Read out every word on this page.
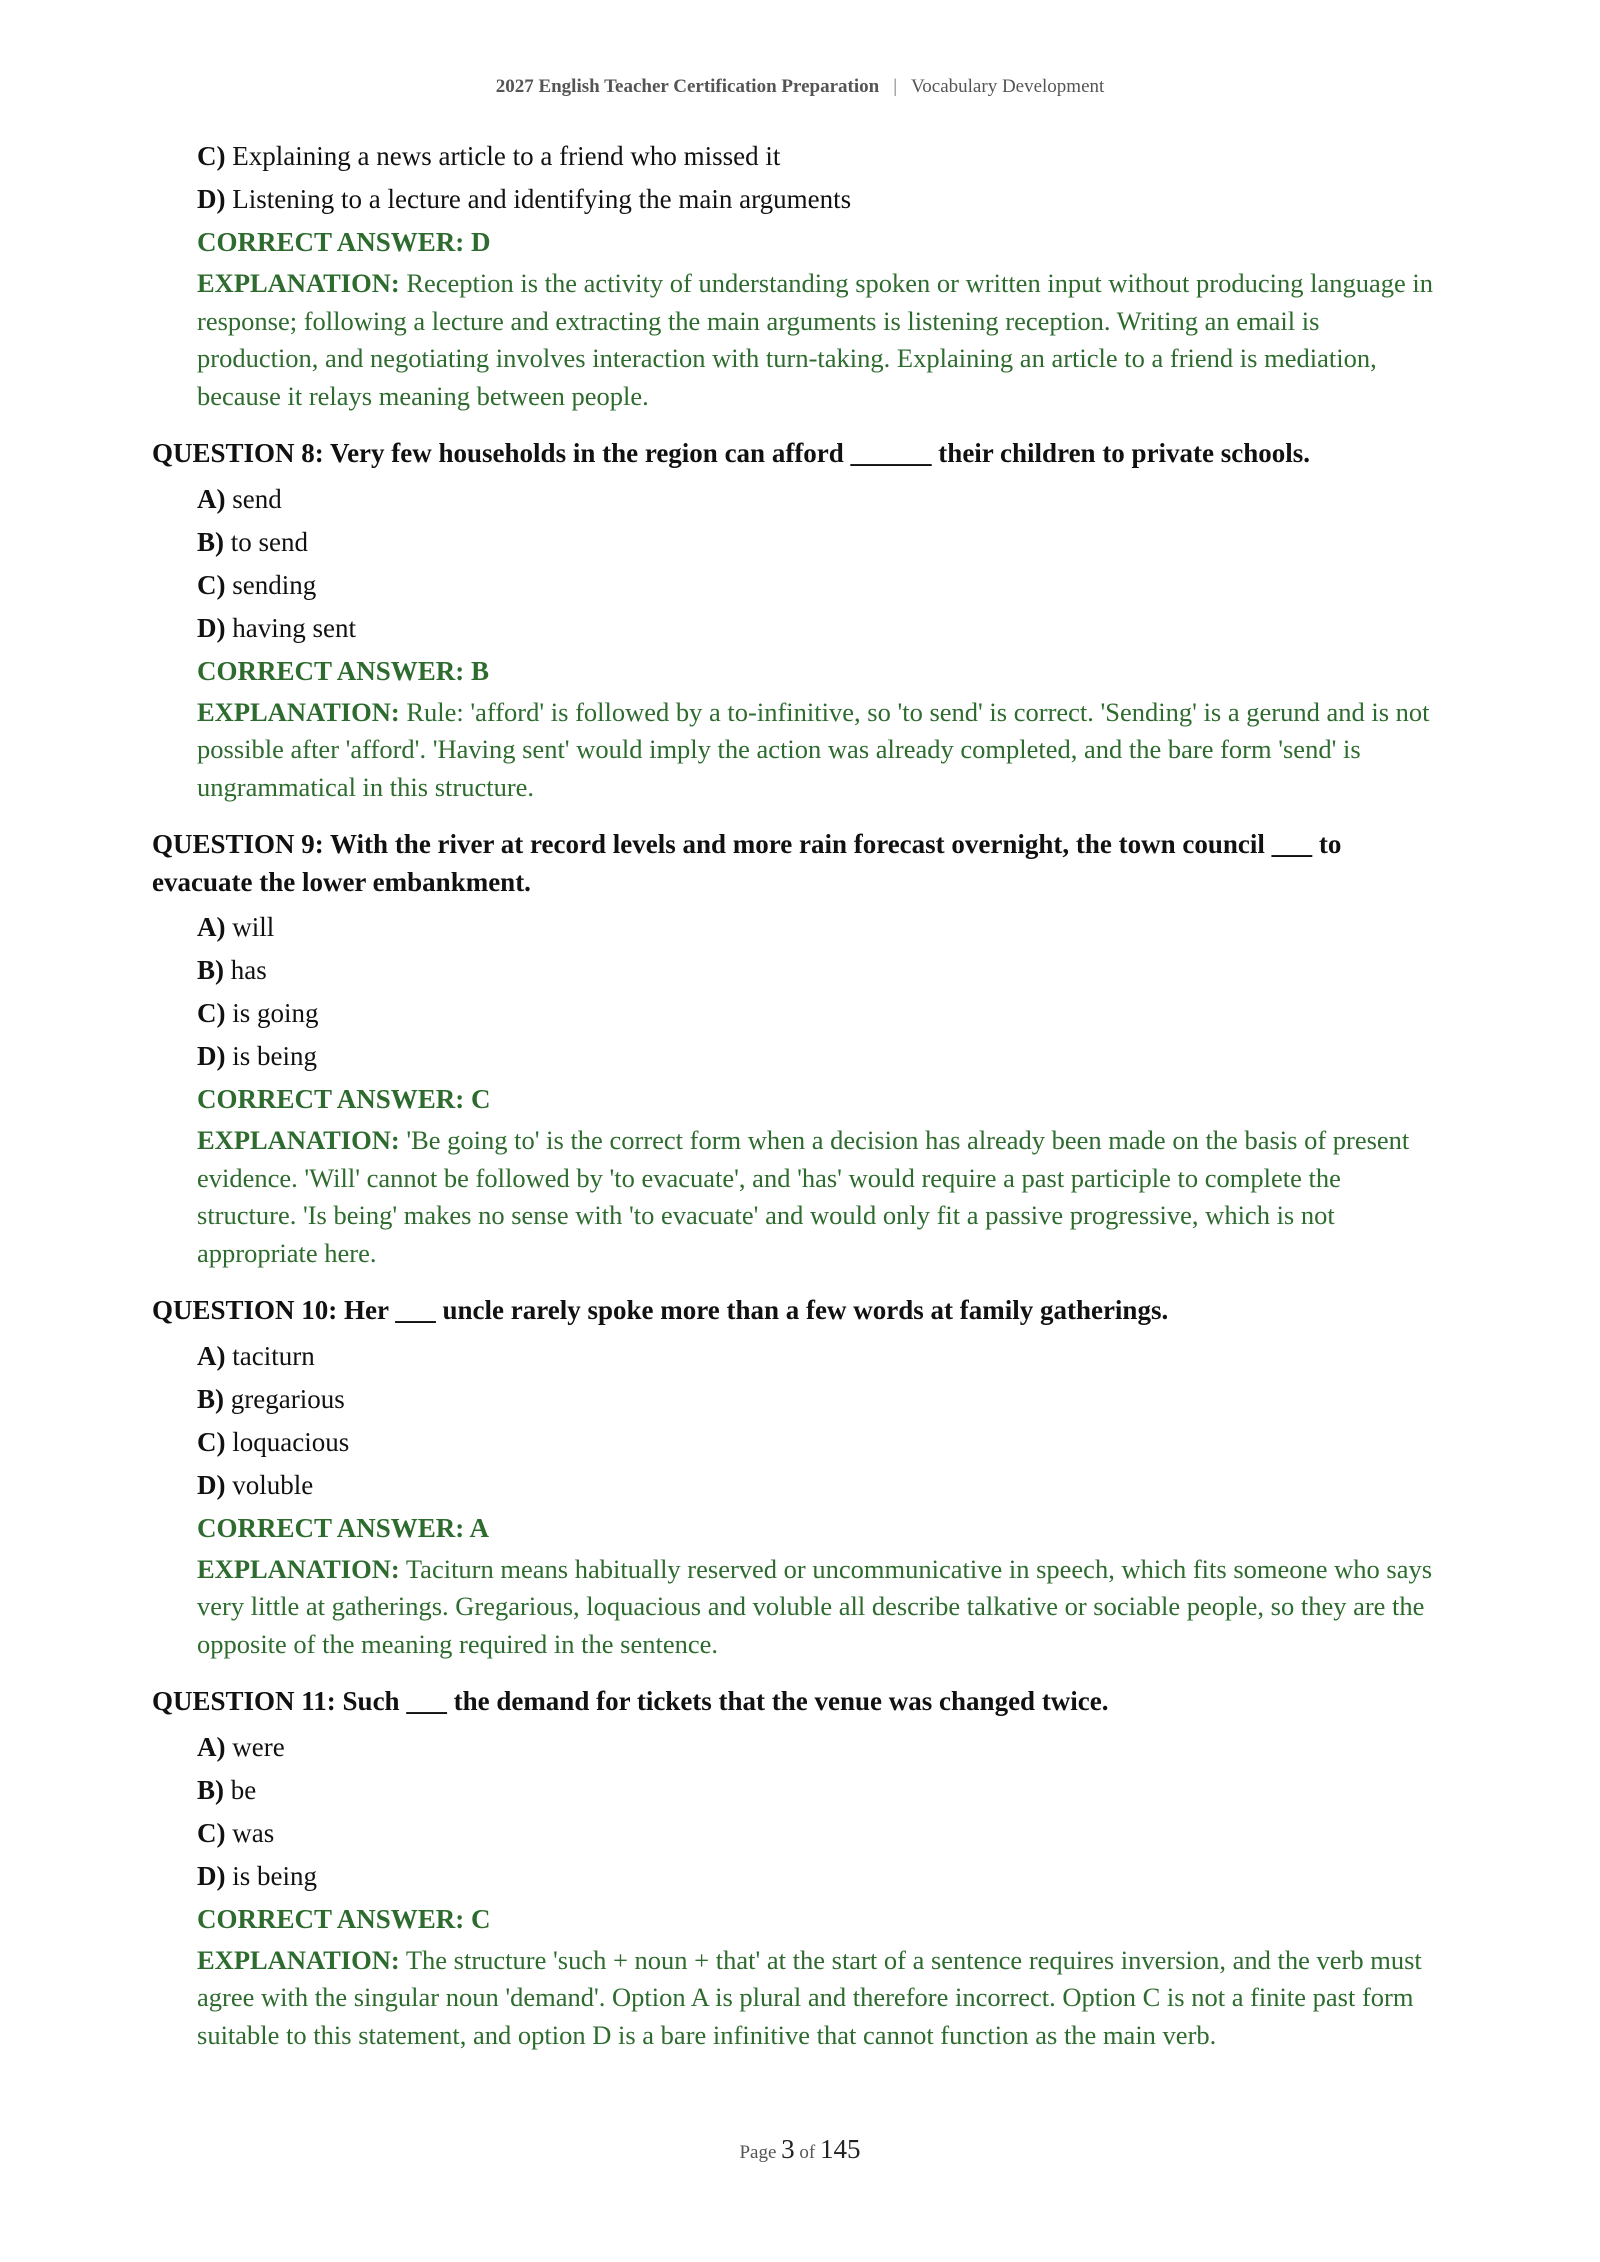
2027 English Teacher Certification Preparation | Vocabulary Development
C) Explaining a news article to a friend who missed it
D) Listening to a lecture and identifying the main arguments
CORRECT ANSWER: D
EXPLANATION: Reception is the activity of understanding spoken or written input without producing language in response; following a lecture and extracting the main arguments is listening reception. Writing an email is production, and negotiating involves interaction with turn-taking. Explaining an article to a friend is mediation, because it relays meaning between people.
QUESTION 8: Very few households in the region can afford ______ their children to private schools.
A) send
B) to send
C) sending
D) having sent
CORRECT ANSWER: B
EXPLANATION: Rule: 'afford' is followed by a to-infinitive, so 'to send' is correct. 'Sending' is a gerund and is not possible after 'afford'. 'Having sent' would imply the action was already completed, and the bare form 'send' is ungrammatical in this structure.
QUESTION 9: With the river at record levels and more rain forecast overnight, the town council ___ to evacuate the lower embankment.
A) will
B) has
C) is going
D) is being
CORRECT ANSWER: C
EXPLANATION: 'Be going to' is the correct form when a decision has already been made on the basis of present evidence. 'Will' cannot be followed by 'to evacuate', and 'has' would require a past participle to complete the structure. 'Is being' makes no sense with 'to evacuate' and would only fit a passive progressive, which is not appropriate here.
QUESTION 10: Her ___ uncle rarely spoke more than a few words at family gatherings.
A) taciturn
B) gregarious
C) loquacious
D) voluble
CORRECT ANSWER: A
EXPLANATION: Taciturn means habitually reserved or uncommunicative in speech, which fits someone who says very little at gatherings. Gregarious, loquacious and voluble all describe talkative or sociable people, so they are the opposite of the meaning required in the sentence.
QUESTION 11: Such ___ the demand for tickets that the venue was changed twice.
A) were
B) be
C) was
D) is being
CORRECT ANSWER: C
EXPLANATION: The structure 'such + noun + that' at the start of a sentence requires inversion, and the verb must agree with the singular noun 'demand'. Option A is plural and therefore incorrect. Option C is not a finite past form suitable to this statement, and option D is a bare infinitive that cannot function as the main verb.
Page 3 of 145
